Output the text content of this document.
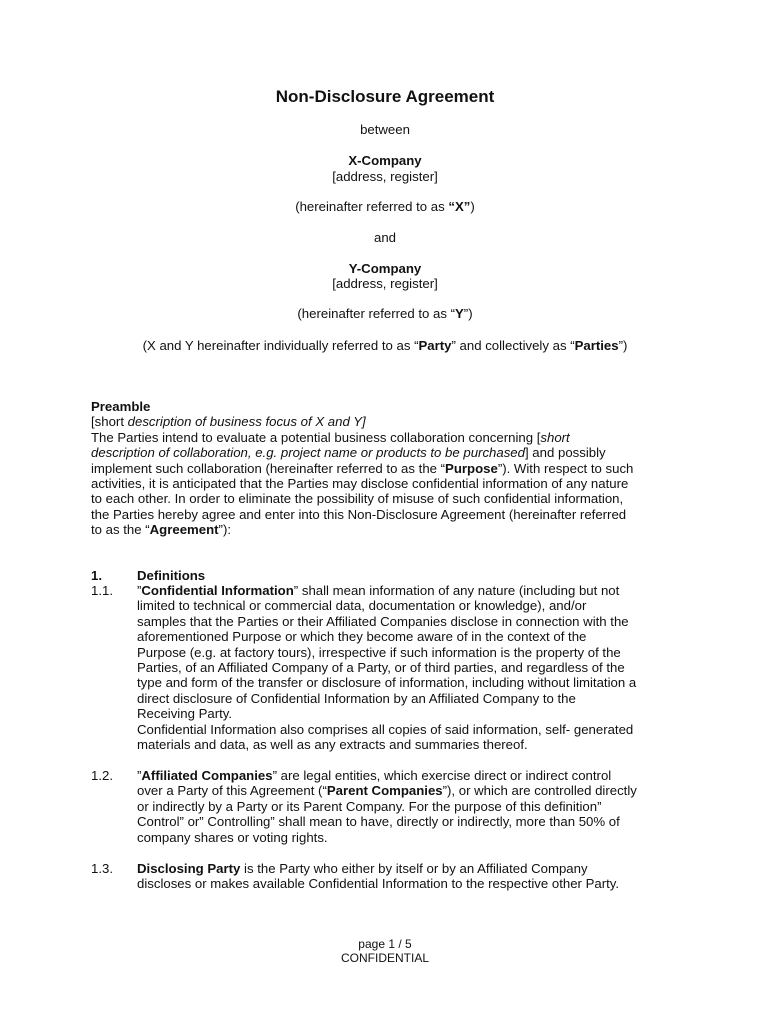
Non-Disclosure Agreement
between
X-Company
[address, register]
(hereinafter referred to as “X”)
and
Y-Company
[address, register]
(hereinafter referred to as “Y”)
(X and Y hereinafter individually referred to as “Party” and collectively as “Parties”)
Preamble
[short description of business focus of X and Y]
The Parties intend to evaluate a potential business collaboration concerning [short
description of collaboration, e.g. project name or products to be purchased] and possibly
implement such collaboration (hereinafter referred to as the “Purpose”). With respect to such
activities, it is anticipated that the Parties may disclose confidential information of any nature
to each other. In order to eliminate the possibility of misuse of such confidential information,
the Parties hereby agree and enter into this Non-Disclosure Agreement (hereinafter referred
to as the “Agreement”):
1.	Definitions
1.1. ”Confidential Information” shall mean information of any nature (including but not
limited to technical or commercial data, documentation or knowledge), and/or
samples that the Parties or their Affiliated Companies disclose in connection with the
aforementioned Purpose or which they become aware of in the context of the
Purpose (e.g. at factory tours), irrespective if such information is the property of the
Parties, of an Affiliated Company of a Party, or of third parties, and regardless of the
type and form of the transfer or disclosure of information, including without limitation a
direct disclosure of Confidential Information by an Affiliated Company to the
Receiving Party.
Confidential Information also comprises all copies of said information, self- generated
materials and data, as well as any extracts and summaries thereof.
1.2. ”Affiliated Companies” are legal entities, which exercise direct or indirect control
over a Party of this Agreement (“Parent Companies”), or which are controlled directly
or indirectly by a Party or its Parent Company. For the purpose of this definition”
Control” or” Controlling” shall mean to have, directly or indirectly, more than 50% of
company shares or voting rights.
1.3. Disclosing Party is the Party who either by itself or by an Affiliated Company
discloses or makes available Confidential Information to the respective other Party.
page 1 / 5
CONFIDENTIAL
